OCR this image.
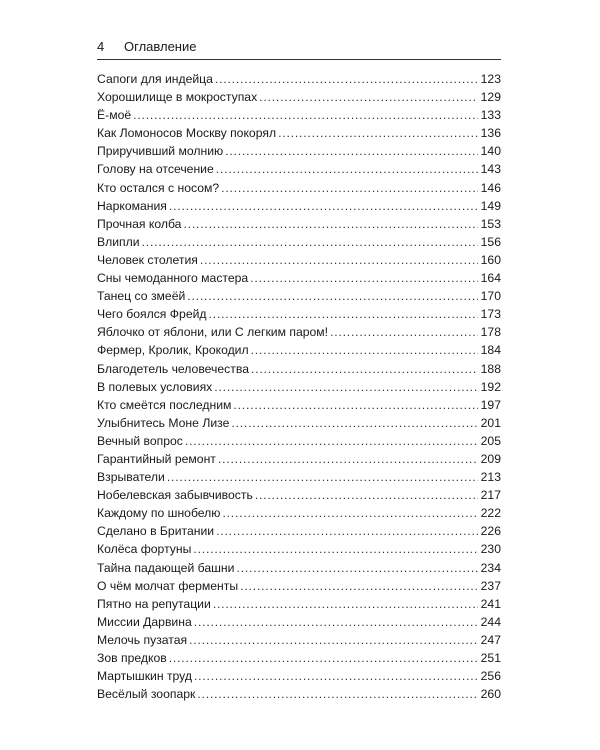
4 Оглавление
Сапоги для индейца .....	123
Хорошилище в мокроступах .....	129
Ё-моё .....	133
Как Ломоносов Москву покорял .....	136
Приручивший молнию .....	140
Голову на отсечение .....	143
Кто остался с носом? .....	146
Наркомания .....	149
Прочная колба .....	153
Влипли .....	156
Человек столетия .....	160
Сны чемоданного мастера .....	164
Танец со змеёй .....	170
Чего боялся Фрейд .....	173
Яблочко от яблони, или С легким паром! .....	178
Фермер, Кролик, Крокодил .....	184
Благодетель человечества .....	188
В полевых условиях .....	192
Кто смеётся последним .....	197
Улыбнитесь Моне Лизе .....	201
Вечный вопрос .....	205
Гарантийный ремонт .....	209
Взрыватели .....	213
Нобелевская забывчивость .....	217
Каждому по шнобелю .....	222
Сделано в Британии .....	226
Колёса фортуны .....	230
Тайна падающей башни .....	234
О чём молчат ферменты .....	237
Пятно на репутации .....	241
Миссии Дарвина .....	244
Мелочь пузатая .....	247
Зов предков .....	251
Мартышкин труд .....	256
Весёлый зоопарк .....	260
